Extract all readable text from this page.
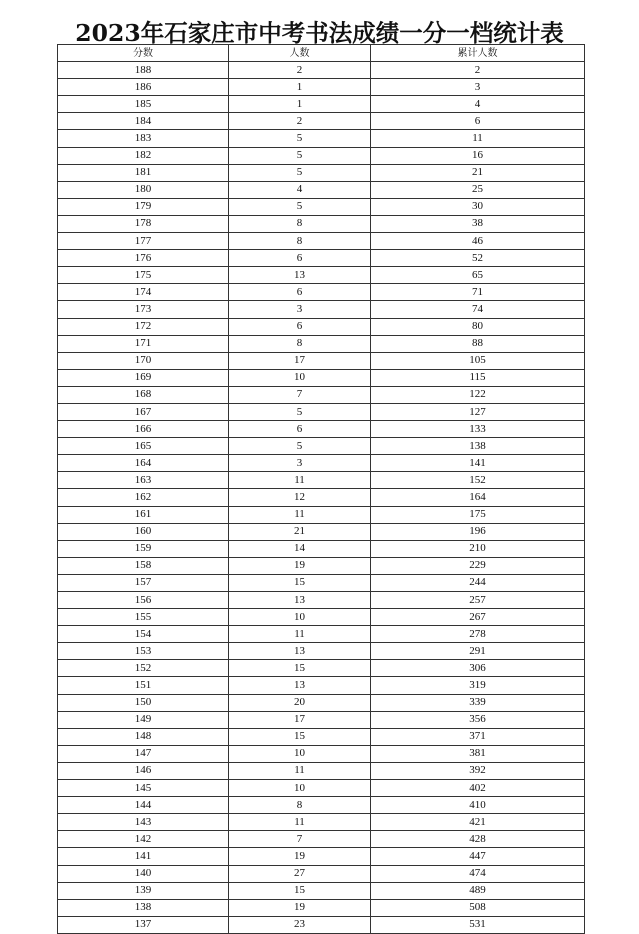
2023年石家庄市中考书法成绩一分一档统计表
分数	人数	累计人数
188	2	2
186	1	3
185	1	4
184	2	6
183	5	11
182	5	16
181	5	21
180	4	25
179	5	30
178	8	38
177	8	46
176	6	52
175	13	65
174	6	71
173	3	74
172	6	80
171	8	88
170	17	105
169	10	115
168	7	122
167	5	127
166	6	133
165	5	138
164	3	141
163	11	152
162	12	164
161	11	175
160	21	196
159	14	210
158	19	229
157	15	244
156	13	257
155	10	267
154	11	278
153	13	291
152	15	306
151	13	319
150	20	339
149	17	356
148	15	371
147	10	381
146	11	392
145	10	402
144	8	410
143	11	421
142	7	428
141	19	447
140	27	474
139	15	489
138	19	508
137	23	531
